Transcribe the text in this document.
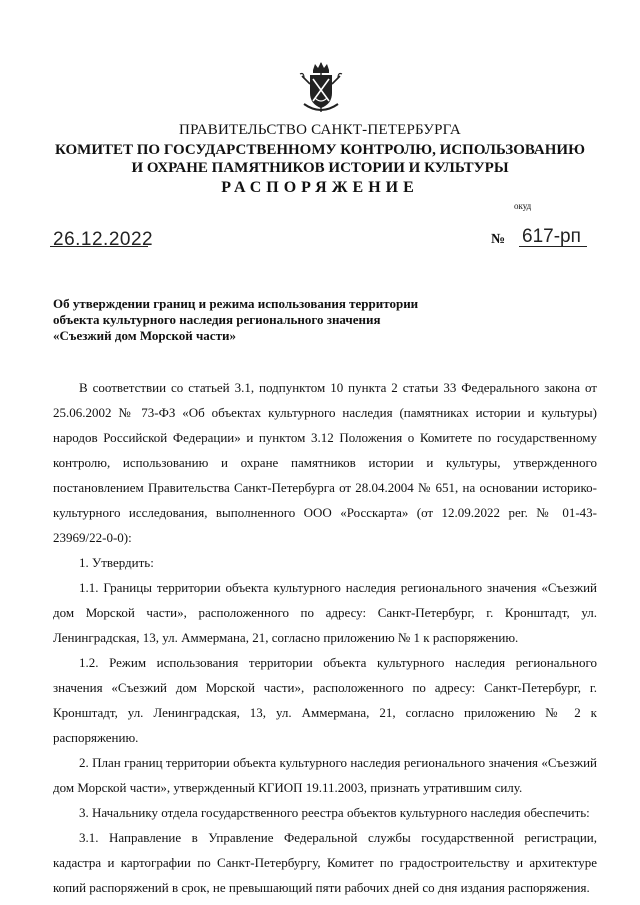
ПРАВИТЕЛЬСТВО САНКТ-ПЕТЕРБУРГА
КОМИТЕТ ПО ГОСУДАРСТВЕННОМУ КОНТРОЛЮ, ИСПОЛЬЗОВАНИЮ
И ОХРАНЕ ПАМЯТНИКОВ ИСТОРИИ И КУЛЬТУРЫ
РАСПОРЯЖЕНИЕ
окуд
26.12.2022	№ 617-рп
Об утверждении границ и режима использования территории
объекта культурного наследия регионального значения
«Съезжий дом Морской части»

В соответствии со статьей 3.1, подпунктом 10 пункта 2 статьи 33 Федерального закона от 25.06.2002 № 73-ФЗ «Об объектах культурного наследия (памятниках истории и культуры) народов Российской Федерации» и пунктом 3.12 Положения о Комитете по государственному контролю, использованию и охране памятников истории и культуры, утвержденного постановлением Правительства Санкт-Петербурга от 28.04.2004 № 651, на основании историко-культурного исследования, выполненного ООО «Росскарта» (от 12.09.2022 рег. № 01-43-23969/22-0-0):

1. Утвердить:

1.1. Границы территории объекта культурного наследия регионального значения «Съезжий дом Морской части», расположенного по адресу: Санкт-Петербург, г. Кронштадт, ул. Ленинградская, 13, ул. Аммермана, 21, согласно приложению № 1 к распоряжению.

1.2. Режим использования территории объекта культурного наследия регионального значения «Съезжий дом Морской части», расположенного по адресу: Санкт-Петербург, г. Кронштадт, ул. Ленинградская, 13, ул. Аммермана, 21, согласно приложению № 2 к распоряжению.

2. План границ территории объекта культурного наследия регионального значения «Съезжий дом Морской части», утвержденный КГИОП 19.11.2003, признать утратившим силу.

3. Начальнику отдела государственного реестра объектов культурного наследия обеспечить:

3.1. Направление в Управление Федеральной службы государственной регистрации, кадастра и картографии по Санкт-Петербургу, Комитет по градостроительству и архитектуре копий распоряжений в срок, не превышающий пяти рабочих дней со дня издания распоряжения.
